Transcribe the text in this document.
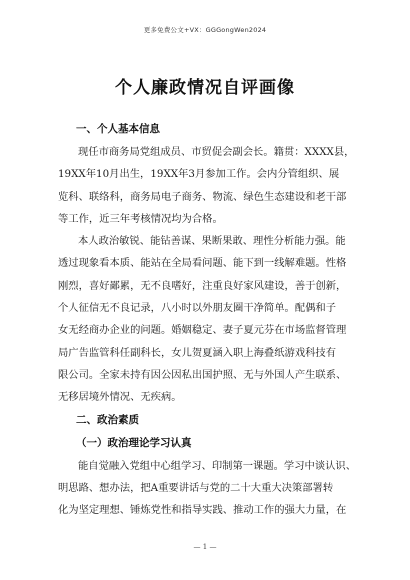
更多免费公文+VX：GGGongWen2024
个人廉政情况自评画像
一、个人基本信息
现任市商务局党组成员、市贸促会副会长。籍贯：XXXX县，
19XX年10月出生，19XX年3月参加工作。会内分管组织、展
览科、联络科，商务局电子商务、物流、绿色生态建设和老干部
等工作，近三年考核情况均为合格。
本人政治敏锐、能钻善谋、果断果敢、理性分析能力强。能
透过现象看本质、能站在全局看问题、能下到一线解难题。性格
刚烈，喜好鄙累，无不良嗜好，注重良好家风建设，善于创新，
个人征信无不良记录，八小时以外朋友圈干净简单。配偶和子
女无经商办企业的问题。婚姻稳定、妻子夏元芬在市场监督管理
局广告监管科任副科长，女儿贺夏涵入职上海叠纸游戏科技有
限公司。全家未持有因公因私出国护照、无与外国人产生联系、
无移居境外情况、无疾病。
二、政治素质
（一）政治理论学习认真
能自觉融入党组中心组学习、印制第一课题。学习中谈认识、
明思路、想办法，把A重要讲话与党的二十大重大决策部署转
化为坚定理想、锤炼党性和指导实践、推动工作的强大力量，在
— 1 —
